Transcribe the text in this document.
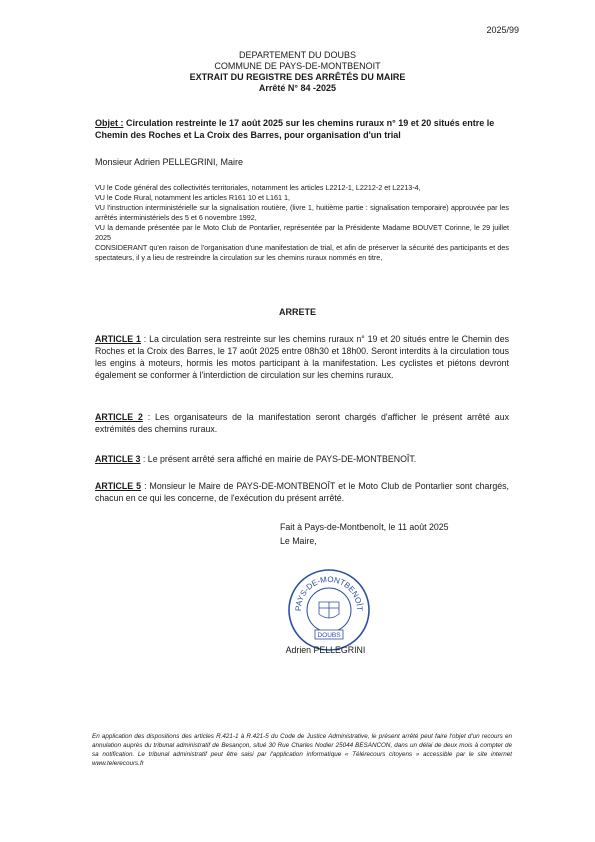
2025/99
DEPARTEMENT DU DOUBS
COMMUNE DE PAYS-DE-MONTBENOIT
EXTRAIT DU REGISTRE DES ARRÊTÉS DU MAIRE
Arrêté N° 84 -2025
Objet : Circulation restreinte le 17 août 2025 sur les chemins ruraux n° 19 et 20 situés entre le Chemin des Roches et La Croix des Barres, pour organisation d'un trial
Monsieur Adrien PELLEGRINI, Maire

VU le Code général des collectivités territoriales, notamment les articles L2212-1, L2212-2 et L2213-4,

VU le Code Rural, notamment les articles R161 10 et L161 1,

VU l'instruction interministérielle sur la signalisation routière, (livre 1, huitième partie : signalisation temporaire) approuvée par les arrêtés interministériels des 5 et 6 novembre 1992,

VU la demande présentée par le Moto Club de Pontarlier, représentée par la Présidente Madame BOUVET Corinne, le 29 juillet 2025

CONSIDERANT qu'en raison de l'organisation d'une manifestation de trial, et afin de préserver la sécurité des participants et des spectateurs, il y a lieu de restreindre la circulation sur les chemins ruraux nommés en titre,

ARRETE
ARTICLE 1 : La circulation sera restreinte sur les chemins ruraux n° 19 et 20 situés entre le Chemin des Roches et la Croix des Barres, le 17 août 2025 entre 08h30 et 18h00. Seront interdits à la circulation tous les engins à moteurs, hormis les motos participant à la manifestation. Les cyclistes et piétons devront également se conformer à l'interdiction de circulation sur les chemins ruraux.
ARTICLE 2 : Les organisateurs de la manifestation seront chargés d'afficher le présent arrêté aux extrémités des chemins ruraux.
ARTICLE 3 : Le présent arrêté sera affiché en mairie de PAYS-DE-MONTBENOÎT.
ARTICLE 5 : Monsieur le Maire de PAYS-DE-MONTBENOÎT et le Moto Club de Pontarlier sont chargés, chacun en ce qui les concerne, de l'exécution du présent arrêté.
Fait à Pays-de-Montbenoît, le 11 août 2025
Le Maire,
PAYS-DE-MONTBENOÎT
DOUBS
Adrien PELLEGRINI
En application des dispositions des articles R.421-1 à R.421-5 du Code de Justice Administrative, le présent arrêté peut faire l'objet d'un recours en annulation auprès du tribunal administratif de Besançon, situé 30 Rue Charles Nodier 25044 BESANCON, dans un délai de deux mois à compter de sa notification. Le tribunal administratif peut être saisi par l'application informatique « Télérecours citoyens » accessible par le site internet www.telerecours.fr
